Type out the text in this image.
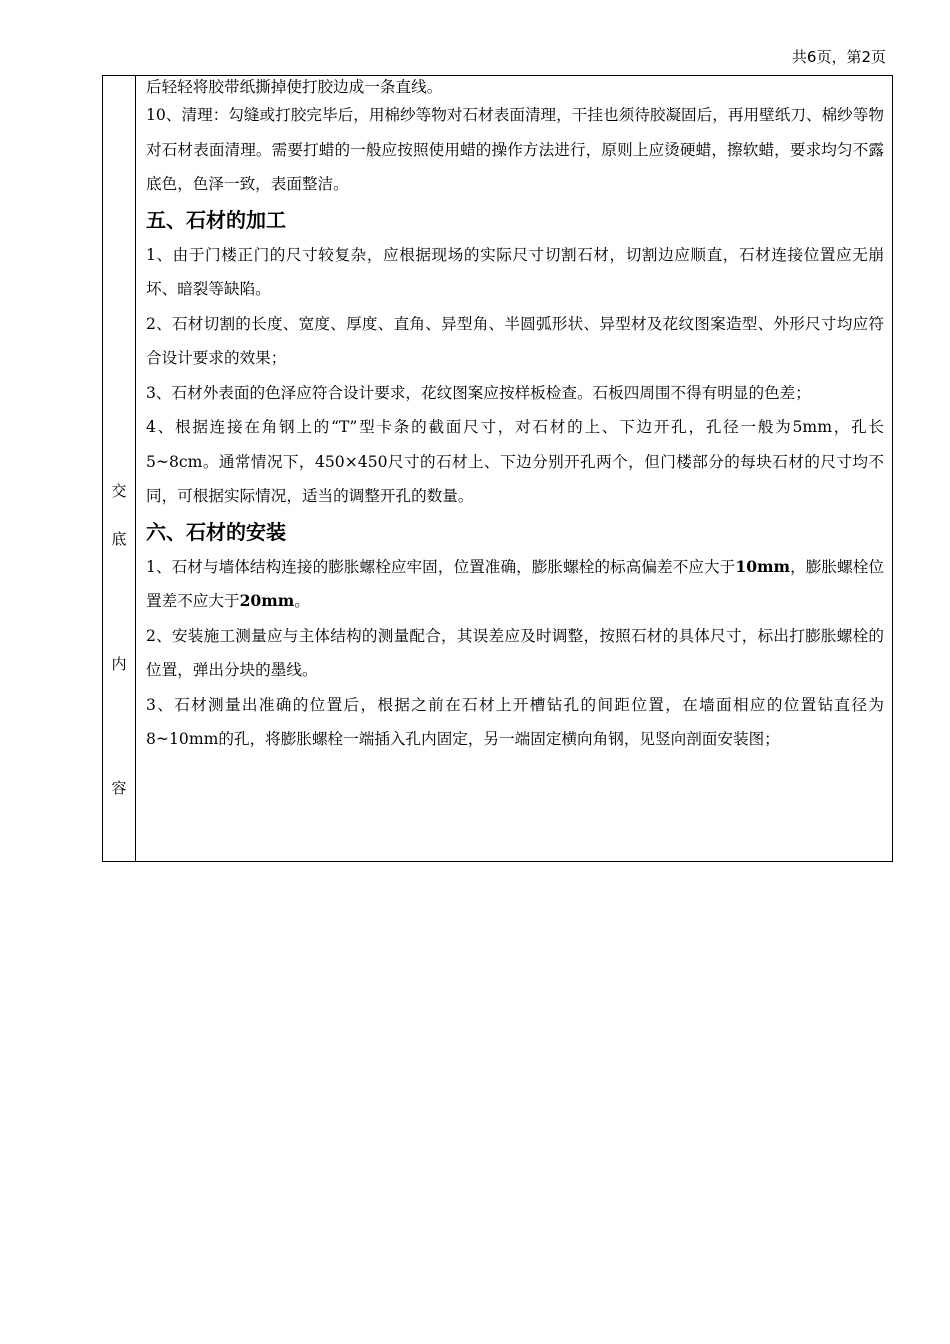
共6页，第2页
交
底
内
容

后轻轻将胶带纸撕掉使打胶边成一条直线。

10、清理：勾缝或打胶完毕后，用棉纱等物对石材表面清理，干挂也须待胶凝固后，再用壁纸刀、棉纱等物对石材表面清理。需要打蜡的一般应按照使用蜡的操作方法进行，原则上应烫硬蜡，擦软蜡，要求均匀不露底色，色泽一致，表面整洁。

五、石材的加工

1、由于门楼正门的尺寸较复杂，应根据现场的实际尺寸切割石材，切割边应顺直，石材连接位置应无崩坏、暗裂等缺陷。

2、石材切割的长度、宽度、厚度、直角、异型角、半圆弧形状、异型材及花纹图案造型、外形尺寸均应符合设计要求的效果；

3、石材外表面的色泽应符合设计要求，花纹图案应按样板检查。石板四周围不得有明显的色差；

4、根据连接在角钢上的“T”型卡条的截面尺寸，对石材的上、下边开孔，孔径一般为5mm，孔长5~8cm。通常情况下，450×450尺寸的石材上、下边分别开孔两个，但门楼部分的每块石材的尺寸均不同，可根据实际情况，适当的调整开孔的数量。

六、石材的安装

1、石材与墙体结构连接的膨胀螺栓应牢固，位置准确，膨胀螺栓的标高偏差不应大于10mm，膨胀螺栓位置差不应大于20mm。

2、安装施工测量应与主体结构的测量配合，其误差应及时调整，按照石材的具体尺寸，标出打膨胀螺栓的位置，弹出分块的墨线。

3、石材测量出准确的位置后，根据之前在石材上开槽钻孔的间距位置，在墙面相应的位置钻直径为8~10mm的孔，将膨胀螺栓一端插入孔内固定，另一端固定横向角钢，见竖向剖面安装图；
